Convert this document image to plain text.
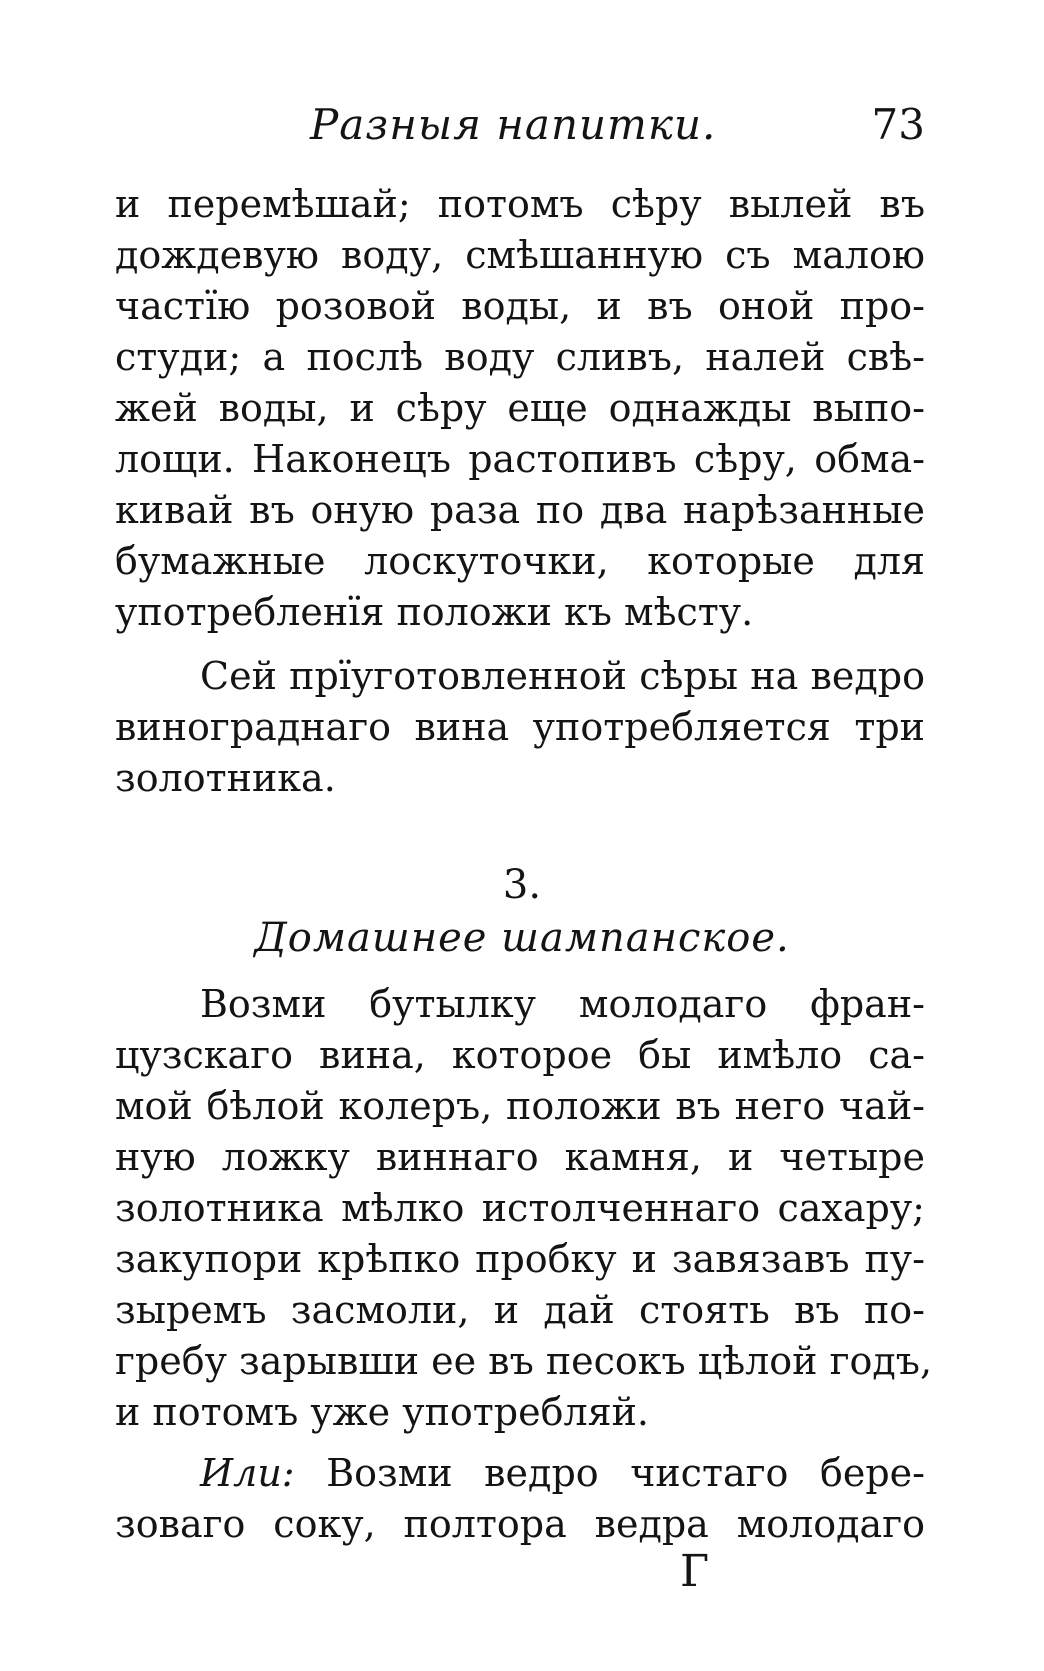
Разныя напитки.	73
и перемѣшай; потомъ сѣру вылей въ
дождевую воду, смѣшанную съ малою
частїю розовой воды, и въ оной про-
студи; а послѣ воду сливъ, налей свѣ-
жей воды, и сѣру еще однажды выпо-
лощи. Наконецъ растопивъ сѣру, обма-
кивай въ оную раза по два нарѣзанные
бумажные лоскуточки, которые для
употребленїя положи къ мѣсту.
Сей прїуготовленной сѣры на ведро
винограднаго вина употребляется три
золотника.
3.
Домашнее шампанское.
Возми бутылку молодаго фран-
цузскаго вина, которое бы имѣло са-
мой бѣлой колеръ, положи въ него чай-
ную ложку виннаго камня, и четыре
золотника мѣлко истолченнаго сахару;
закупори крѣпко пробку и завязавъ пу-
зыремъ засмоли, и дай стоять въ по-
гребу зарывши ее въ песокъ цѣлой годъ,
и потомъ уже употребляй.
Или: Возми ведро чистаго бере-
зоваго соку, полтора ведра молодаго
Г
